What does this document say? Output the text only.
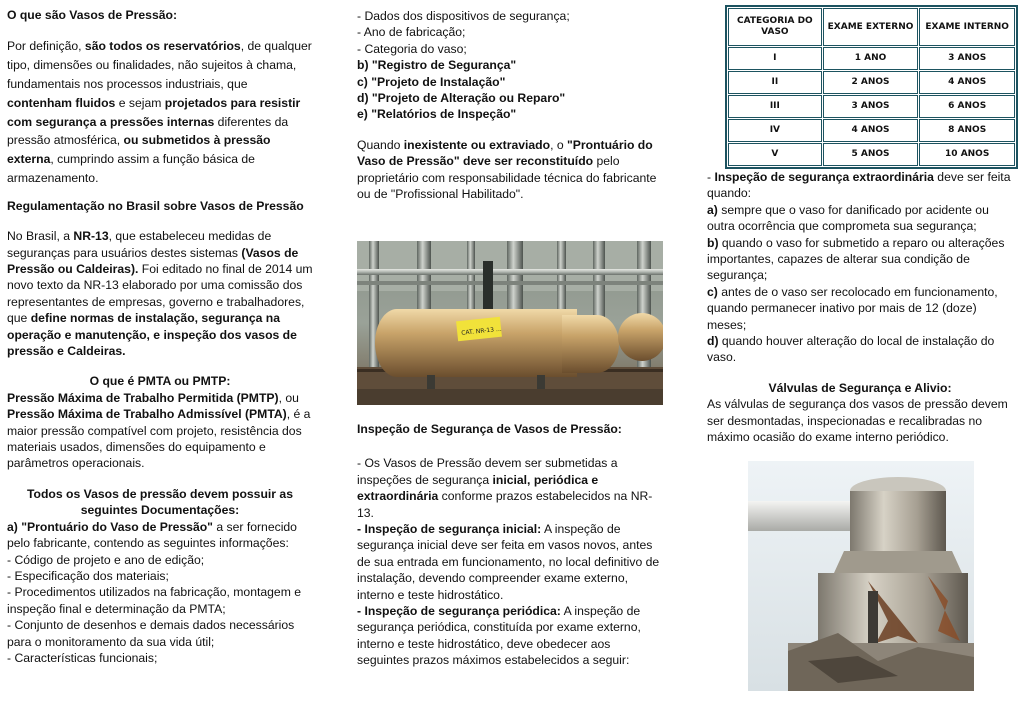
O que são Vasos de Pressão:

Por definição, são todos os reservatórios, de qualquer tipo, dimensões ou finalidades, não sujeitos à chama, fundamentais nos processos industriais, que contenham fluidos e sejam projetados para resistir com segurança a pressões internas diferentes da pressão atmosférica, ou submetidos à pressão externa, cumprindo assim a função básica de armazenamento.

Regulamentação no Brasil sobre Vasos de Pressão

No Brasil, a NR-13, que estabeleceu medidas de seguranças para usuários destes sistemas (Vasos de Pressão ou Caldeiras). Foi editado no final de 2014 um novo texto da NR-13 elaborado por uma comissão dos representantes de empresas, governo e trabalhadores, que define normas de instalação, segurança na operação e manutenção, e inspeção dos vasos de pressão e Caldeiras.

O que é PMTA ou PMTP:

Pressão Máxima de Trabalho Permitida (PMTP), ou Pressão Máxima de Trabalho Admissível (PMTA), é a maior pressão compatível com projeto, resistência dos materiais usados, dimensões do equipamento e parâmetros operacionais.

Todos os Vasos de pressão devem possuir as seguintes Documentações:

a) "Prontuário do Vaso de Pressão" a ser fornecido pelo fabricante, contendo as seguintes informações:

- Código de projeto e ano de edição;

- Especificação dos materiais;

- Procedimentos utilizados na fabricação, montagem e inspeção final e determinação da PMTA;

- Conjunto de desenhos e demais dados necessários para o monitoramento da sua vida útil;

- Características funcionais;

- Dados dos dispositivos de segurança;

- Ano de fabricação;

- Categoria do vaso;

b) "Registro de Segurança"

c) "Projeto de Instalação"

d) "Projeto de Alteração ou Reparo"

e) "Relatórios de Inspeção"

Quando inexistente ou extraviado, o "Prontuário do Vaso de Pressão" deve ser reconstituído pelo proprietário com responsabilidade técnica do fabricante ou de "Profissional Habilitado".

CAT. NR-13 ...

Inspeção de Segurança de Vasos de Pressão:

- Os Vasos de Pressão devem ser submetidas a inspeções de segurança inicial, periódica e extraordinária conforme prazos estabelecidos na NR-13.

- Inspeção de segurança inicial: A inspeção de segurança inicial deve ser feita em vasos novos, antes de sua entrada em funcionamento, no local definitivo de instalação, devendo compreender exame externo, interno e teste hidrostático.

- Inspeção de segurança periódica: A inspeção de segurança periódica, constituída por exame externo, interno e teste hidrostático, deve obedecer aos seguintes prazos máximos estabelecidos a seguir:

CATEGORIA DO VASO	EXAME EXTERNO	EXAME INTERNO
I	1 ANO	3 ANOS
II	2 ANOS	4 ANOS
III	3 ANOS	6 ANOS
IV	4 ANOS	8 ANOS
V	5 ANOS	10 ANOS

- Inspeção de segurança extraordinária deve ser feita quando:

a) sempre que o vaso for danificado por acidente ou outra ocorrência que comprometa sua segurança;

b) quando o vaso for submetido a reparo ou alterações importantes, capazes de alterar sua condição de segurança;

c) antes de o vaso ser recolocado em funcionamento, quando permanecer inativo por mais de 12 (doze) meses;

d) quando houver alteração do local de instalação do vaso.

Válvulas de Segurança e Alivio:

As válvulas de segurança dos vasos de pressão devem ser desmontadas, inspecionadas e recalibradas no máximo ocasião do exame interno periódico.
